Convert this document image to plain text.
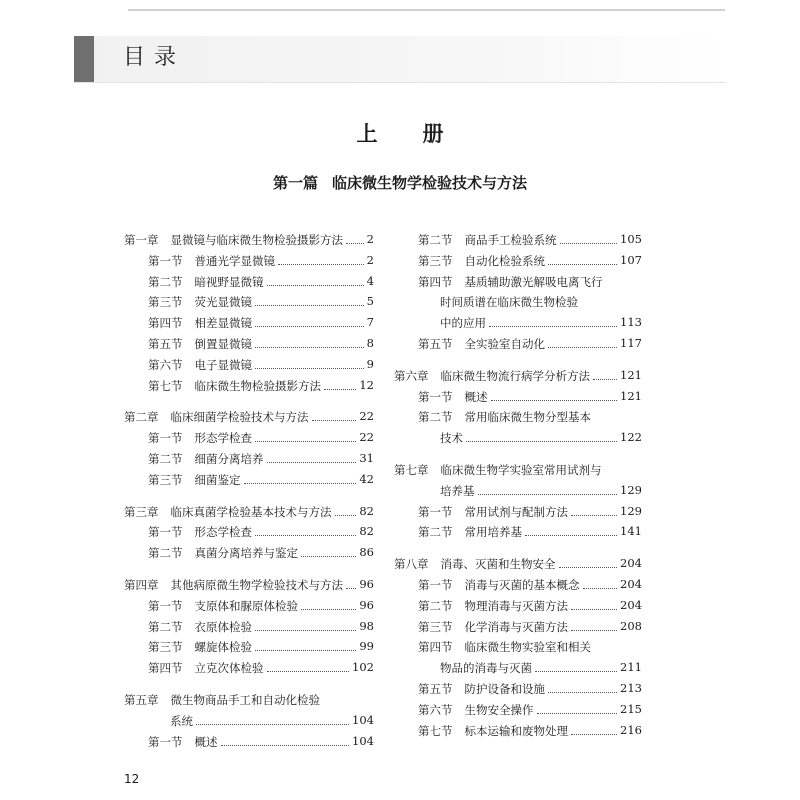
目录
上　册
第一篇 临床微生物学检验技术与方法
第一章 显微镜与临床微生物检验摄影方法 2
第一节 普通光学显微镜	2
第二节 暗视野显微镜	4
第三节 荧光显微镜	5
第四节 相差显微镜	7
第五节 倒置显微镜	8
第六节 电子显微镜	9
第七节 临床微生物检验摄影方法	12
第二章 临床细菌学检验技术与方法	22
第一节 形态学检查	22
第二节 细菌分离培养	31
第三节 细菌鉴定	42
第三章 临床真菌学检验基本技术与方法 82
第一节 形态学检查	82
第二节 真菌分离培养与鉴定	86
第四章 其他病原微生物学检验技术与方法 96
第一节 支原体和脲原体检验	96
第二节 衣原体检验	98
第三节 螺旋体检验	99
第四节 立克次体检验	102
第五章 微生物商品手工和自动化检验
系统	104
第一节 概述	104
第二节 商品手工检验系统	105
第三节 自动化检验系统	107
第四节 基质辅助激光解吸电离飞行
时间质谱在临床微生物检验
中的应用	113
第五节 全实验室自动化	117
第六章 临床微生物流行病学分析方法	121
第一节 概述	121
第二节 常用临床微生物分型基本
技术	122
第七章 临床微生物学实验室常用试剂与
培养基	129
第一节 常用试剂与配制方法	129
第二节 常用培养基	141
第八章 消毒、灭菌和生物安全	204
第一节 消毒与灭菌的基本概念	204
第二节 物理消毒与灭菌方法	204
第三节 化学消毒与灭菌方法	208
第四节 临床微生物实验室和相关
物品的消毒与灭菌	211
第五节 防护设备和设施	213
第六节 生物安全操作	215
第七节 标本运输和废物处理	216
12
